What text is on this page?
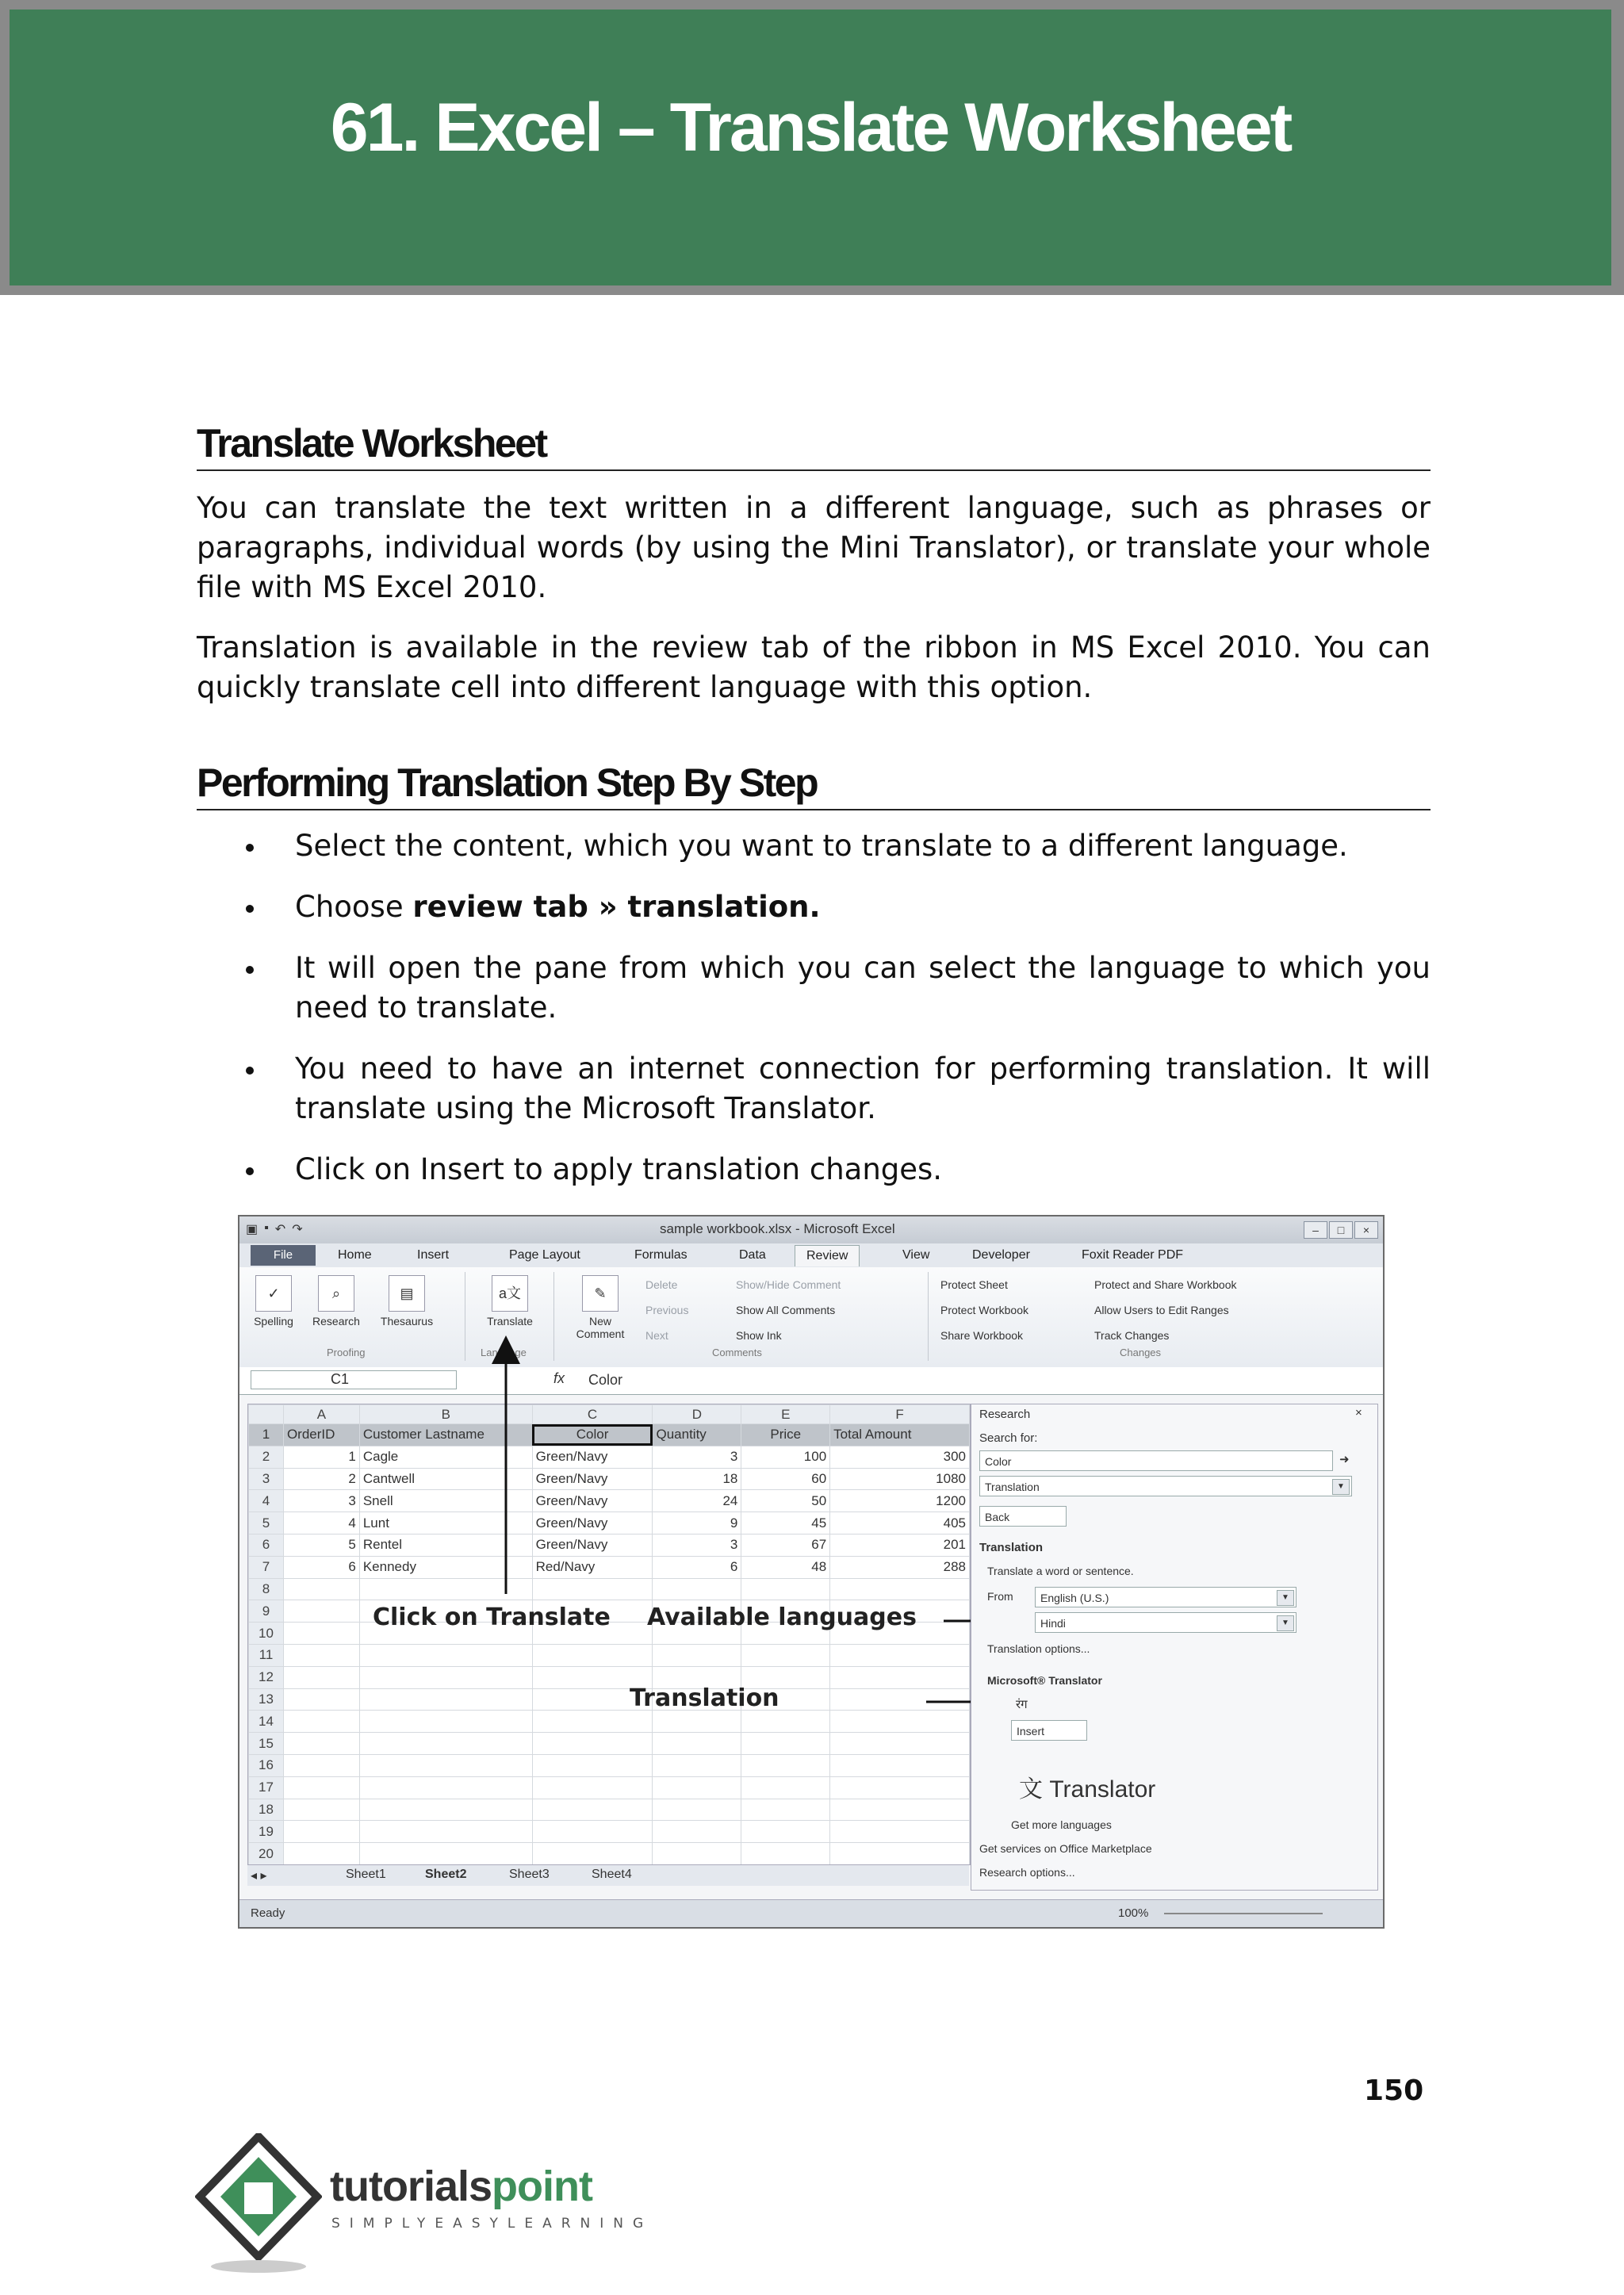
61. Excel – Translate Worksheet
Translate Worksheet

You can translate the text written in a different language, such as phrases or paragraphs, individual words (by using the Mini Translator), or translate your whole file with MS Excel 2010.

Translation is available in the review tab of the ribbon in MS Excel 2010. You can quickly translate cell into different language with this option.

Performing Translation Step By Step
Select the content, which you want to translate to a different language.
Choose review tab » translation.
It will open the pane from which you can select the language to which you need to translate.
You need to have an internet connection for performing translation. It will translate using the Microsoft Translator.
Click on Insert to apply translation changes.
▣ ▪ ↶ ↷	sample workbook.xlsx - Microsoft Excel	–	□	×
File	Home	Insert	Page Layout	Formulas	Data	Review	View	Developer	Foxit Reader PDF
✓
Spelling
⌕
Research
▤
Thesaurus
a文
Translate
✎
New Comment
Delete
Previous
Next
Show/Hide Comment
Show All Comments
Show Ink
Protect Sheet
Protect Workbook
Share Workbook
Protect and Share Workbook
Allow Users to Edit Ranges
Track Changes
Proofing	Language	Comments	Changes
C1	fx Color
	A	B	C	D	E	F
1	OrderID	Customer Lastname	Color	Quantity	Price	Total Amount
2	1	Cagle	Green/Navy	3	100	300
3	2	Cantwell	Green/Navy	18	60	1080
4	3	Snell	Green/Navy	24	50	1200
5	4	Lunt	Green/Navy	9	45	405
6	5	Rentel	Green/Navy	3	67	201
7	6	Kennedy	Red/Navy	6	48	288
8						
9						
10						
11						
12						
13						
14						
15						
16						
17						
18						
19						
20						
Click on Translate Available languages
Translation
Research	×
Search for:
Color	➜
Translation	▼
Back
Translation
Translate a word or sentence.
From	English (U.S.)	▼
Hindi	▼
Translation options...
Microsoft® Translator
रंग
Insert
文 Translator
Get more languages
Get services on Office Marketplace
Research options...
◂ ▸	Sheet1	Sheet2	Sheet3	Sheet4
Ready	100%
150
tutorialspoint
SIMPLYEASYLEARNING
